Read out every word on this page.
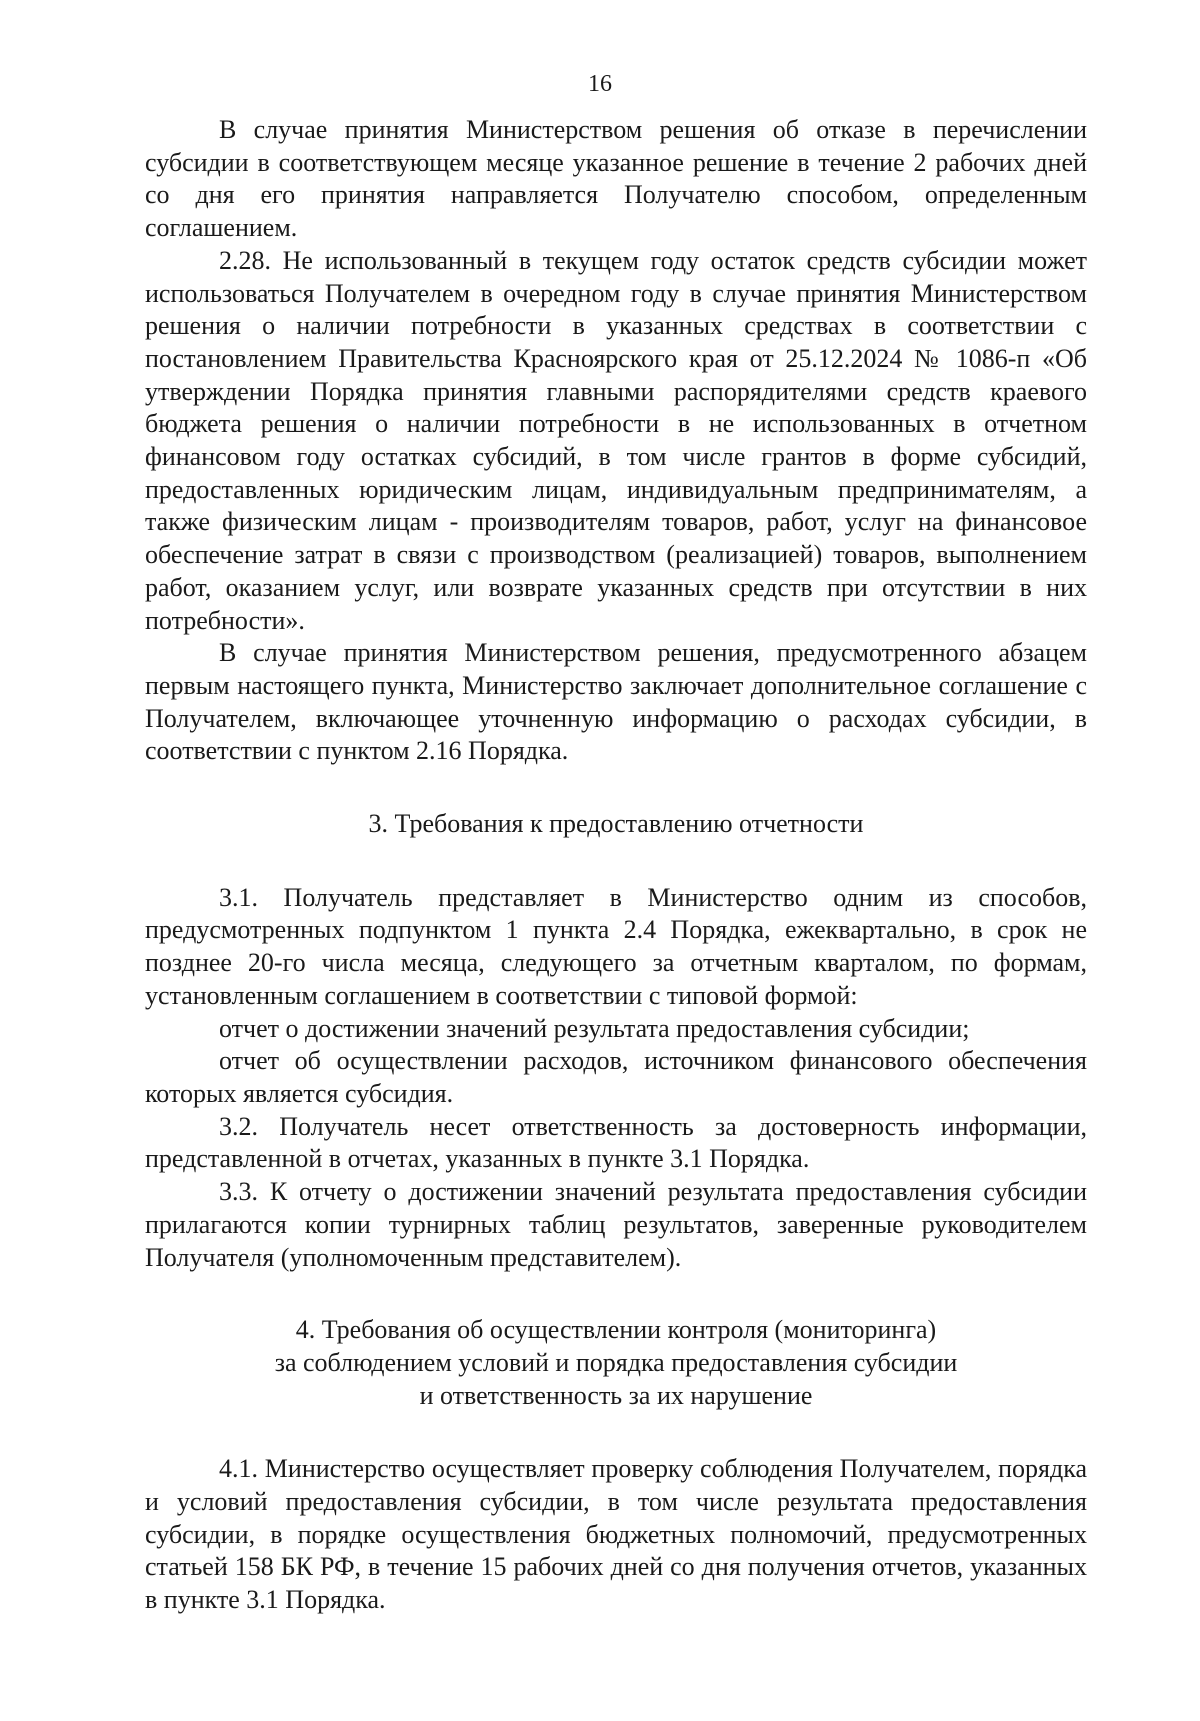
16

В случае принятия Министерством решения об отказе в перечислении субсидии в соответствующем месяце указанное решение в течение 2 рабочих дней со дня его принятия направляется Получателю способом, определенным соглашением.

2.28. Не использованный в текущем году остаток средств субсидии может использоваться Получателем в очередном году в случае принятия Министерством решения о наличии потребности в указанных средствах в соответствии с постановлением Правительства Красноярского края от 25.12.2024 № 1086-п «Об утверждении Порядка принятия главными распорядителями средств краевого бюджета решения о наличии потребности в не использованных в отчетном финансовом году остатках субсидий, в том числе грантов в форме субсидий, предоставленных юридическим лицам, индивидуальным предпринимателям, а также физическим лицам - производителям товаров, работ, услуг на финансовое обеспечение затрат в связи с производством (реализацией) товаров, выполнением работ, оказанием услуг, или возврате указанных средств при отсутствии в них потребности».

В случае принятия Министерством решения, предусмотренного абзацем первым настоящего пункта, Министерство заключает дополнительное соглашение с Получателем, включающее уточненную информацию о расходах субсидии, в соответствии с пунктом 2.16 Порядка.

3. Требования к предоставлению отчетности

3.1. Получатель представляет в Министерство одним из способов, предусмотренных подпунктом 1 пункта 2.4 Порядка, ежеквартально, в срок не позднее 20-го числа месяца, следующего за отчетным кварталом, по формам, установленным соглашением в соответствии с типовой формой:

отчет о достижении значений результата предоставления субсидии;

отчет об осуществлении расходов, источником финансового обеспечения которых является субсидия.

3.2. Получатель несет ответственность за достоверность информации, представленной в отчетах, указанных в пункте 3.1 Порядка.

3.3. К отчету о достижении значений результата предоставления субсидии прилагаются копии турнирных таблиц результатов, заверенные руководителем Получателя (уполномоченным представителем).

4. Требования об осуществлении контроля (мониторинга)
за соблюдением условий и порядка предоставления субсидии
и ответственность за их нарушение

4.1. Министерство осуществляет проверку соблюдения Получателем, порядка и условий предоставления субсидии, в том числе результата предоставления субсидии, в порядке осуществления бюджетных полномочий, предусмотренных статьей 158 БК РФ, в течение 15 рабочих дней со дня получения отчетов, указанных в пункте 3.1 Порядка.
